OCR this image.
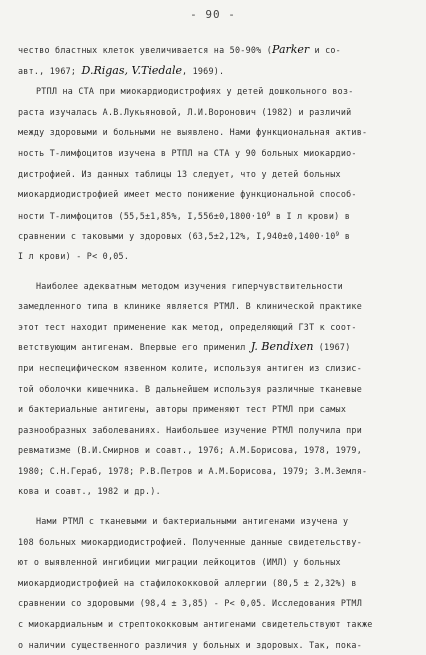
- 90 -
чество бластных клеток увеличивается на 50-90% (Parker и со-
авт., 1967; D.Rigas, V.Tiedale, 1969).
РТПЛ на СТА при миокардиодистрофиях у детей дошкольного воз-
раста изучалась А.В.Лукьяновой, Л.И.Воронович (1982) и различий
между здоровыми и больными не выявлено. Нами функциональная актив-
ность Т-лимфоцитов изучена в РТПЛ на СТА у 90 больных миокардио-
дистрофией. Из данных таблицы 13 следует, что у детей больных
миокардиодистрофией имеет место понижение функциональной способ-
ности Т-лимфоцитов (55,5±1,85%, $I,556\pm 0,1800\cdot 10^9$ в I л крови) в
сравнении с таковыми у здоровых (63,5±2,12%, $I,940\pm 0,1400\cdot 10^9$ в
I л крови) - Р< 0,05.
Наиболее адекватным методом изучения гиперчувствительности
замедленного типа в клинике является РТМЛ. В клинической практике
этот тест находит применение как метод, определяющий ГЗТ к соот-
ветствующим антигенам. Впервые его применил J. Bendixen (1967)
при неспецифическом язвенном колите, используя антиген из слизис-
той оболочки кишечника. В дальнейшем используя различные тканевые
и бактериальные антигены, авторы применяют тест РТМЛ при самых
разнообразных заболеваниях. Наибольшее изучение РТМЛ получила при
ревматизме (В.И.Смирнов и соавт., 1976; А.М.Борисова, 1978, 1979,
1980; С.Н.Гераб, 1978; Р.В.Петров и А.М.Борисова, 1979; З.М.Земля-
кова и соавт., 1982 и др.).
Нами РТМЛ с тканевыми и бактериальными антигенами изучена у
108 больных миокардиодистрофией. Полученные данные свидетельству-
ют о выявленной ингибиции миграции лейкоцитов (ИМЛ) у больных
миокардиодистрофией на стафилококковой аллергии (80,5 ± 2,32%) в
сравнении со здоровыми (98,4 ± 3,85) - Р< 0,05. Исследования РТМЛ
с миокардиальным и стрептококковым антигенами свидетельствуют также
о наличии существенного различия у больных и здоровых. Так, пока-
